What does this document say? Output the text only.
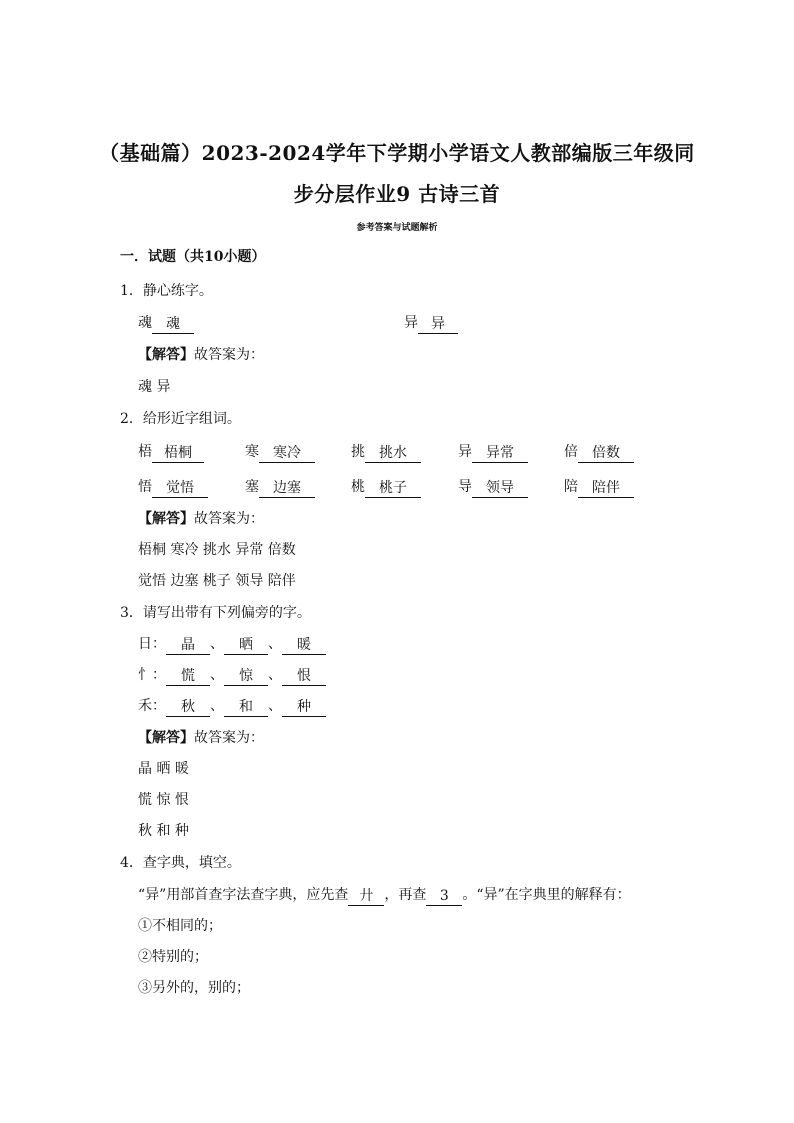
（基础篇）2023-2024学年下学期小学语文人教部编版三年级同
步分层作业9 古诗三首
参考答案与试题解析
一．试题（共10小题）
1．静心练字。
魂 魂	异 异
【解答】故答案为：
魂 异
2．给形近字组词。
梧 梧桐	寒 寒冷	挑 挑水	异 异常	倍 倍数
悟 觉悟	塞 边塞	桃 桃子	导 领导	陪 陪伴
【解答】故答案为：
梧桐 寒冷 挑水 异常 倍数
觉悟 边塞 桃子 领导 陪伴
3．请写出带有下列偏旁的字。
日： 晶 、 晒 、 暖
忄： 慌 、 惊 、 恨
禾： 秋 、 和 、 种
【解答】故答案为：
晶 晒 暖
慌 惊 恨
秋 和 种
4．查字典，填空。
“异”用部首查字法查字典，应先查 廾 ，再查 3 。“异”在字典里的解释有：
①不相同的；
②特别的；
③另外的，别的；
